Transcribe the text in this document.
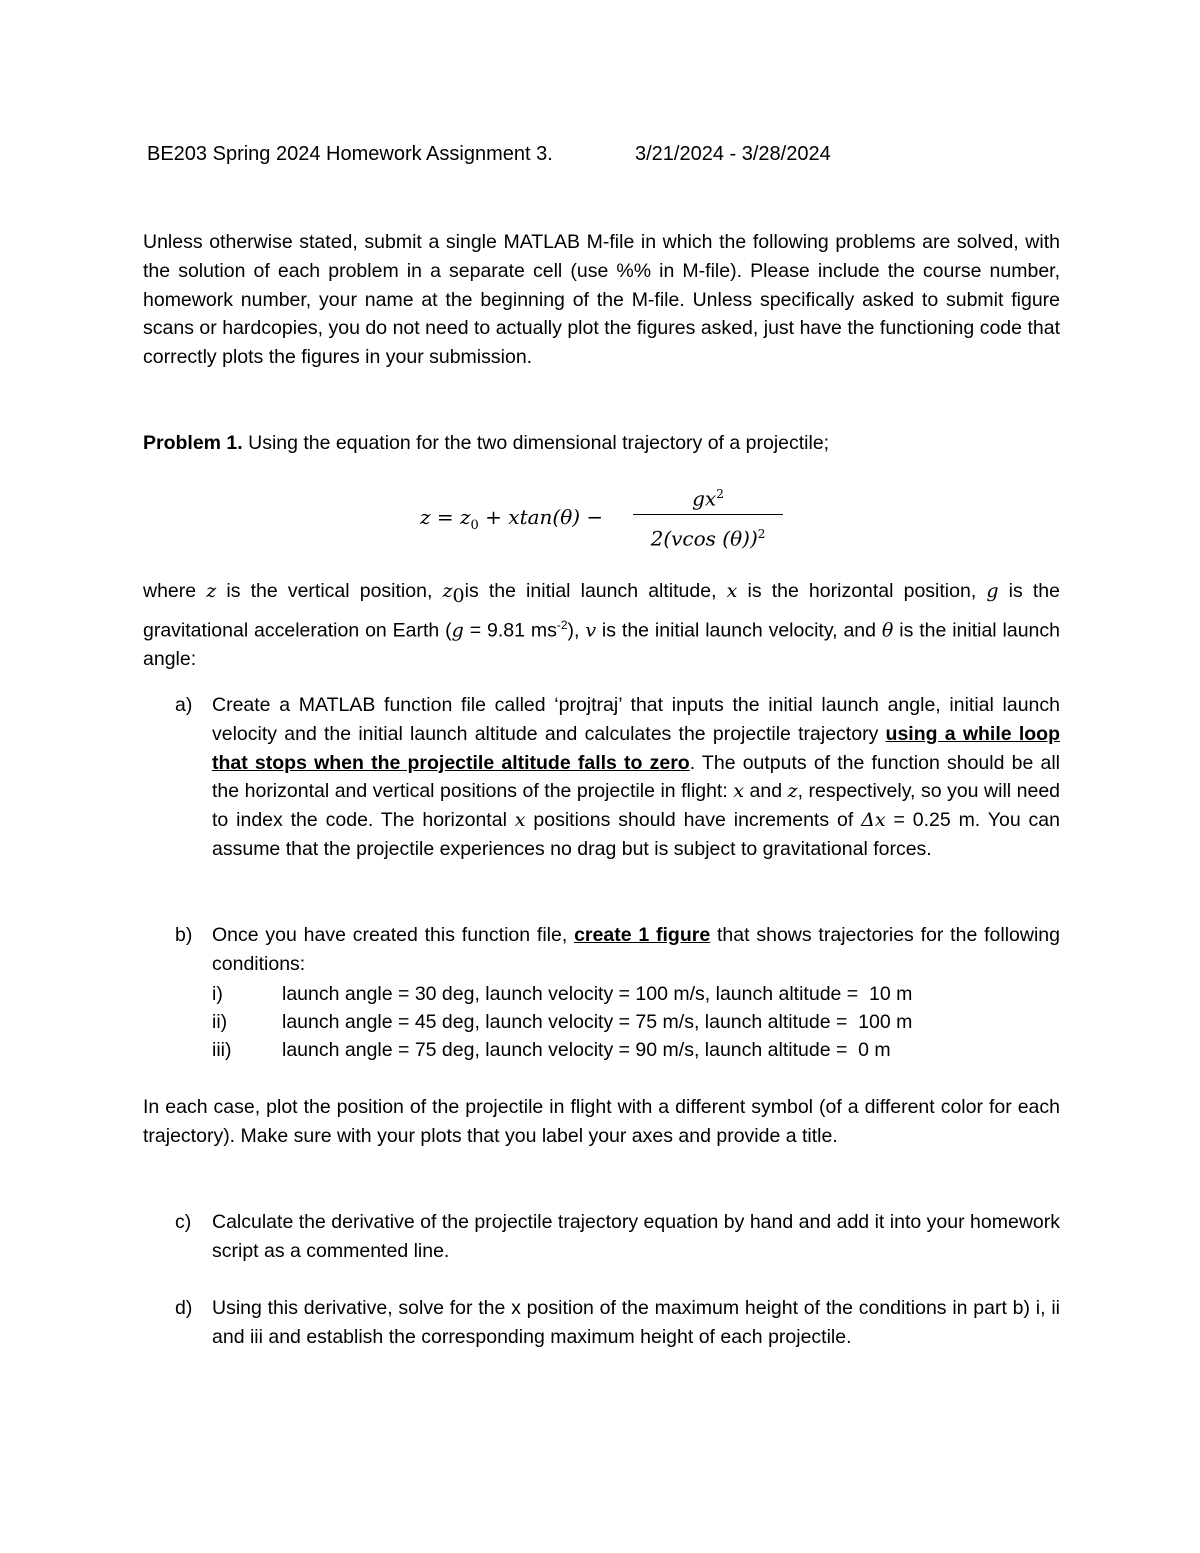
BE203 Spring 2024 Homework Assignment 3.	3/21/2024 - 3/28/2024
Unless otherwise stated, submit a single MATLAB M-file in which the following problems are solved, with the solution of each problem in a separate cell (use %% in M-file). Please include the course number, homework number, your name at the beginning of the M-file. Unless specifically asked to submit figure scans or hardcopies, you do not need to actually plot the figures asked, just have the functioning code that correctly plots the figures in your submission.
Problem 1. Using the equation for the two dimensional trajectory of a projectile;
$z = z_0 + xtan(\theta)$ −
$gx^2$
2(vcos (θ))$^2$
where z is the vertical position, $z_0is$ the initial launch altitude, x is the horizontal position, g is the gravitational acceleration on Earth (g = 9.81 $ms^{-2}$), v is the initial launch velocity, and θ is the initial launch angle:
a) Create a MATLAB function file called ‘projtraj’ that inputs the initial launch angle, initial launch velocity and the initial launch altitude and calculates the projectile trajectory using a while loop that stops when the projectile altitude falls to zero. The outputs of the function should be all the horizontal and vertical positions of the projectile in flight: x and z, respectively, so you will need to index the code. The horizontal x positions should have increments of Δx = 0.25 m. You can assume that the projectile experiences no drag but is subject to gravitational forces.
b) Once you have created this function file, create 1 figure that shows trajectories for the following conditions:
i)	launch angle = 30 deg, launch velocity = 100 m/s, launch altitude =  10 m
ii)	launch angle = 45 deg, launch velocity = 75 m/s, launch altitude =  100 m
iii)	launch angle = 75 deg, launch velocity = 90 m/s, launch altitude =  0 m
In each case, plot the position of the projectile in flight with a different symbol (of a different color for each trajectory). Make sure with your plots that you label your axes and provide a title.
c) Calculate the derivative of the projectile trajectory equation by hand and add it into your homework script as a commented line.
d) Using this derivative, solve for the x position of the maximum height of the conditions in part b) i, ii and iii and establish the corresponding maximum height of each projectile.
